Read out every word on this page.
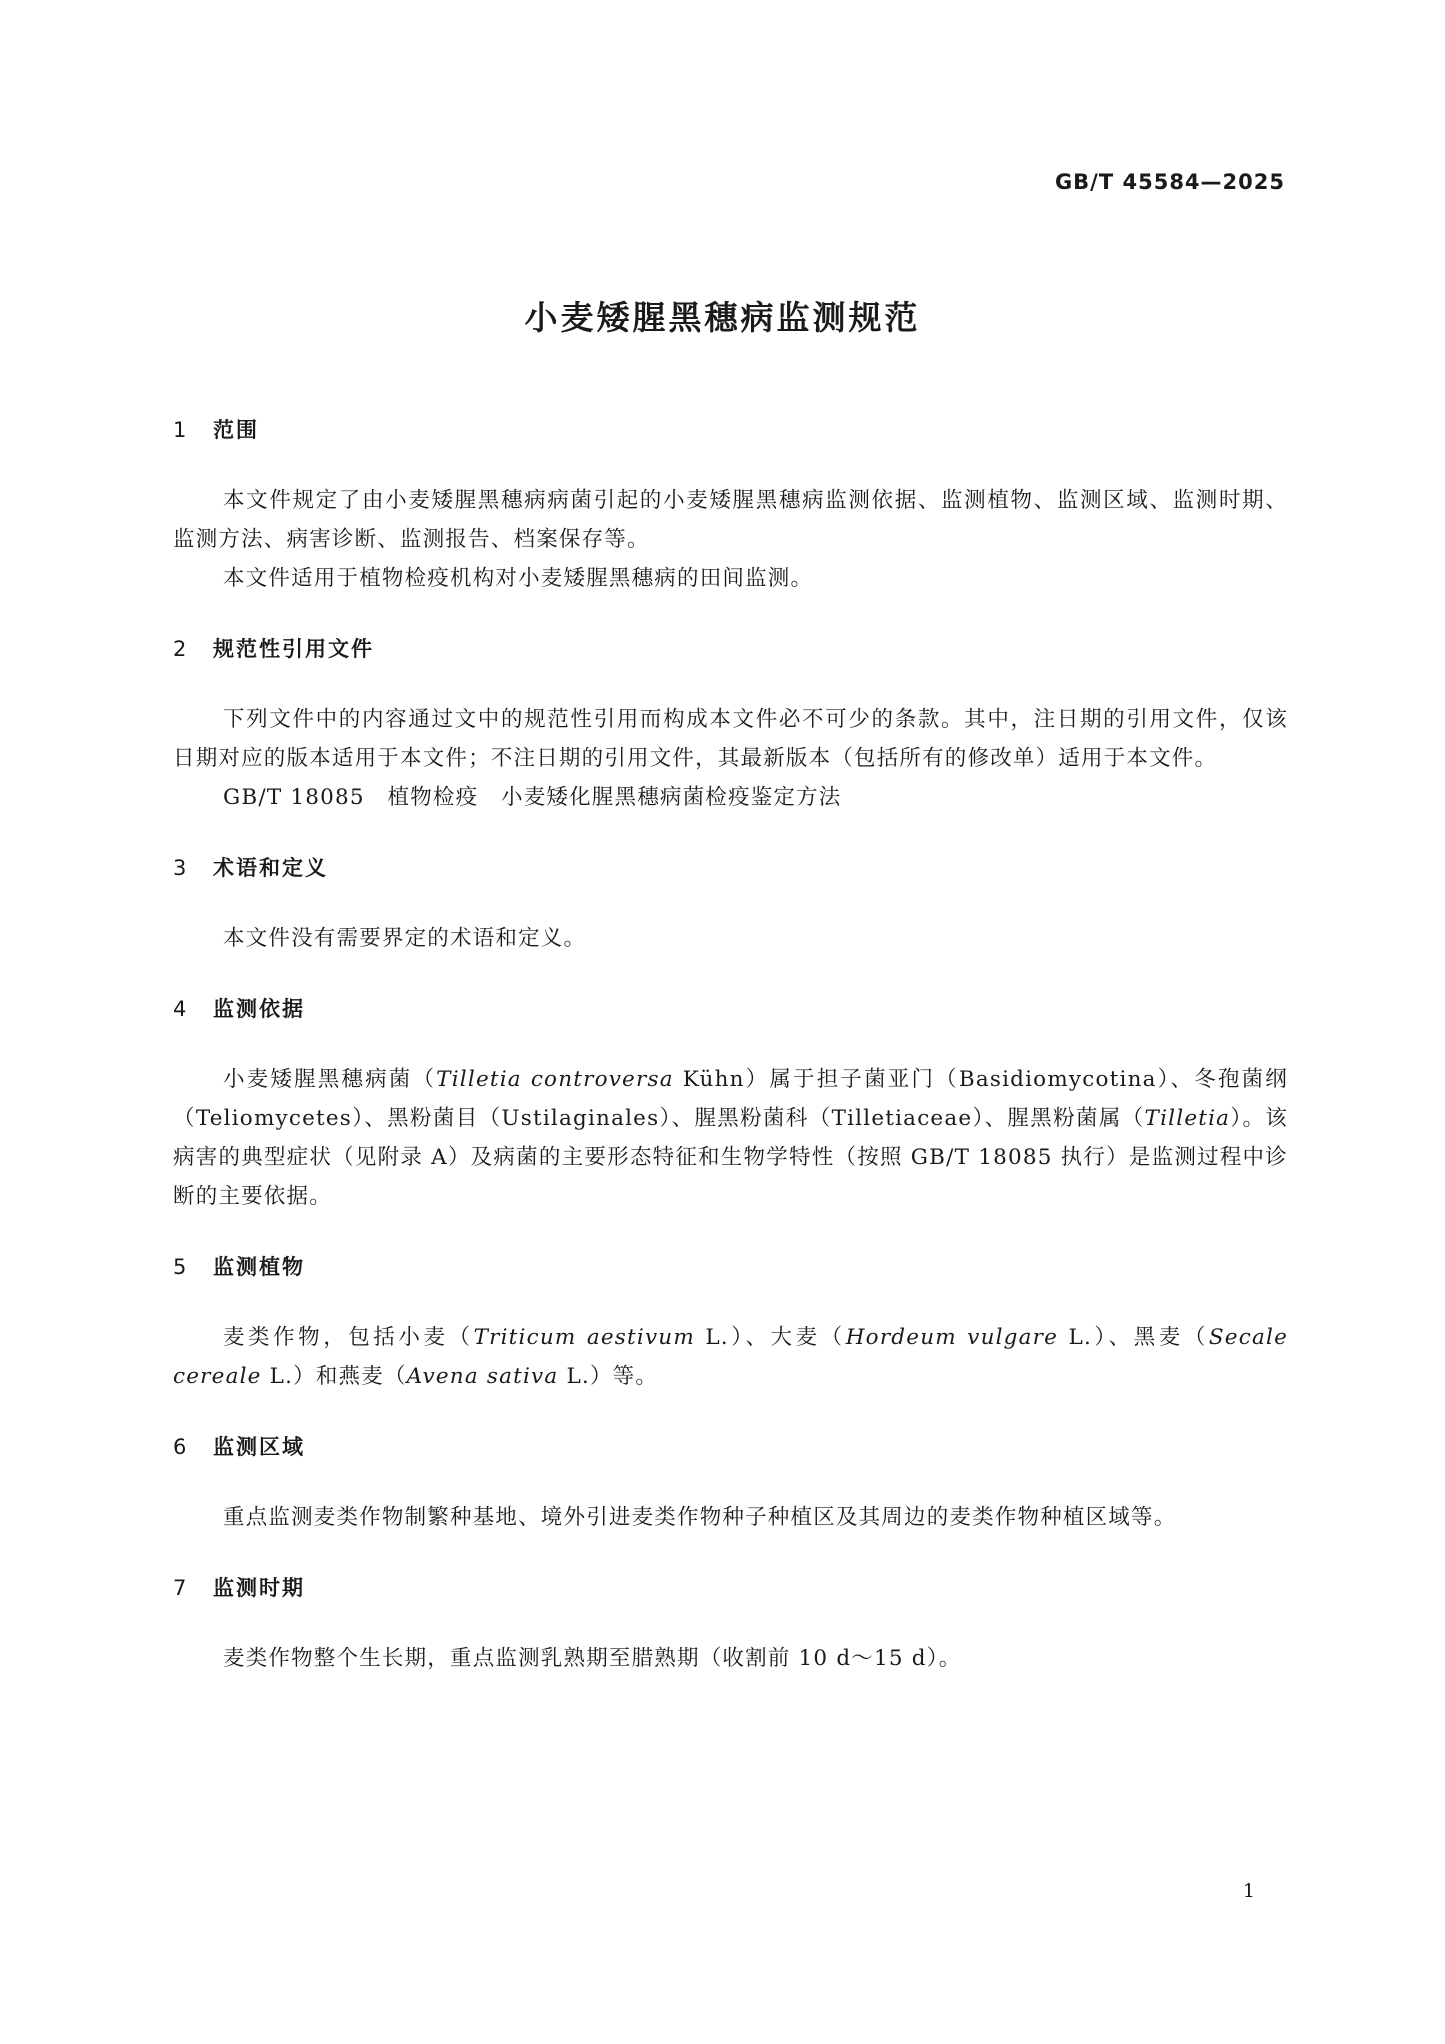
GB/T 45584—2025
小麦矮腥黑穗病监测规范
1 范围

本文件规定了由小麦矮腥黑穗病病菌引起的小麦矮腥黑穗病监测依据、监测植物、监测区域、监测时期、监测方法、病害诊断、监测报告、档案保存等。

本文件适用于植物检疫机构对小麦矮腥黑穗病的田间监测。

2 规范性引用文件

下列文件中的内容通过文中的规范性引用而构成本文件必不可少的条款。其中，注日期的引用文件，仅该日期对应的版本适用于本文件；不注日期的引用文件，其最新版本（包括所有的修改单）适用于本文件。

GB/T 18085　植物检疫　小麦矮化腥黑穗病菌检疫鉴定方法

3 术语和定义

本文件没有需要界定的术语和定义。

4 监测依据

小麦矮腥黑穗病菌（Tilletia controversa Kühn）属于担子菌亚门（Basidiomycotina）、冬孢菌纲（Teliomycetes）、黑粉菌目（Ustilaginales）、腥黑粉菌科（Tilletiaceae）、腥黑粉菌属（Tilletia）。该病害的典型症状（见附录 A）及病菌的主要形态特征和生物学特性（按照 GB/T 18085 执行）是监测过程中诊断的主要依据。

5 监测植物

麦类作物，包括小麦（Triticum aestivum L.）、大麦（Hordeum vulgare L.）、黑麦（Secale cereale L.）和燕麦（Avena sativa L.）等。

6 监测区域

重点监测麦类作物制繁种基地、境外引进麦类作物种子种植区及其周边的麦类作物种植区域等。

7 监测时期

麦类作物整个生长期，重点监测乳熟期至腊熟期（收割前 10 d～15 d）。

1
